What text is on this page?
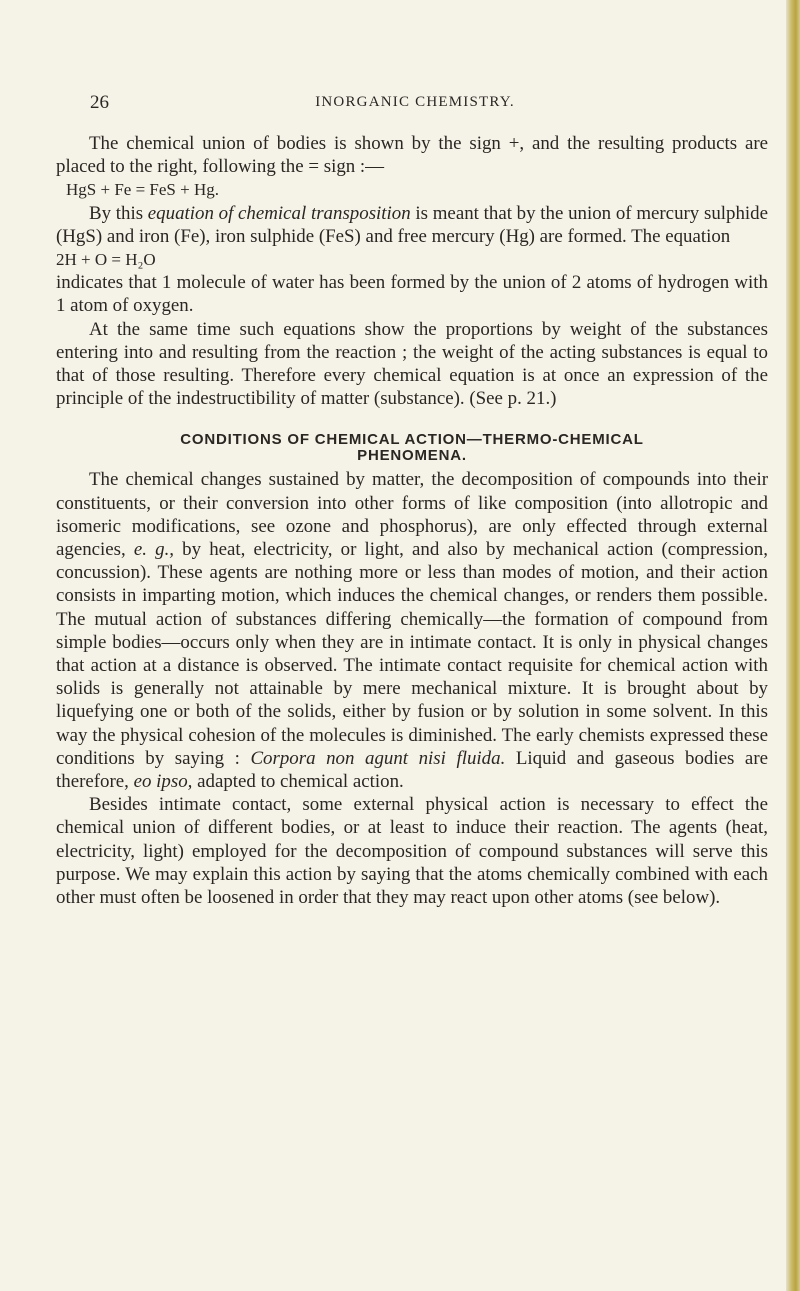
26	INORGANIC CHEMISTRY.

The chemical union of bodies is shown by the sign +, and the resulting products are placed to the right, following the = sign :—

HgS + Fe = FeS + Hg.

By this equation of chemical transposition is meant that by the union of mercury sulphide (HgS) and iron (Fe), iron sulphide (FeS) and free mercury (Hg) are formed. The equation

2H + O = H₂O

indicates that 1 molecule of water has been formed by the union of 2 atoms of hydrogen with 1 atom of oxygen.

At the same time such equations show the proportions by weight of the substances entering into and resulting from the reaction ; the weight of the acting substances is equal to that of those resulting. Therefore every chemical equation is at once an expression of the principle of the indestructibility of matter (substance). (See p. 21.)

CONDITIONS OF CHEMICAL ACTION—THERMO-CHEMICAL
PHENOMENA.

The chemical changes sustained by matter, the decomposition of compounds into their constituents, or their conversion into other forms of like composition (into allotropic and isomeric modifications, see ozone and phosphorus), are only effected through external agencies, e. g., by heat, electricity, or light, and also by mechanical action (compression, concussion). These agents are nothing more or less than modes of motion, and their action consists in imparting motion, which induces the chemical changes, or renders them possible. The mutual action of substances differing chemically—the formation of compound from simple bodies—occurs only when they are in intimate contact. It is only in physical changes that action at a distance is observed. The intimate contact requisite for chemical action with solids is generally not attainable by mere mechanical mixture. It is brought about by liquefying one or both of the solids, either by fusion or by solution in some solvent. In this way the physical cohesion of the molecules is diminished. The early chemists expressed these conditions by saying : Corpora non agunt nisi fluida. Liquid and gaseous bodies are therefore, eo ipso, adapted to chemical action.

Besides intimate contact, some external physical action is necessary to effect the chemical union of different bodies, or at least to induce their reaction. The agents (heat, electricity, light) employed for the decomposition of compound substances will serve this purpose. We may explain this action by saying that the atoms chemically combined with each other must often be loosened in order that they may react upon other atoms (see below).
